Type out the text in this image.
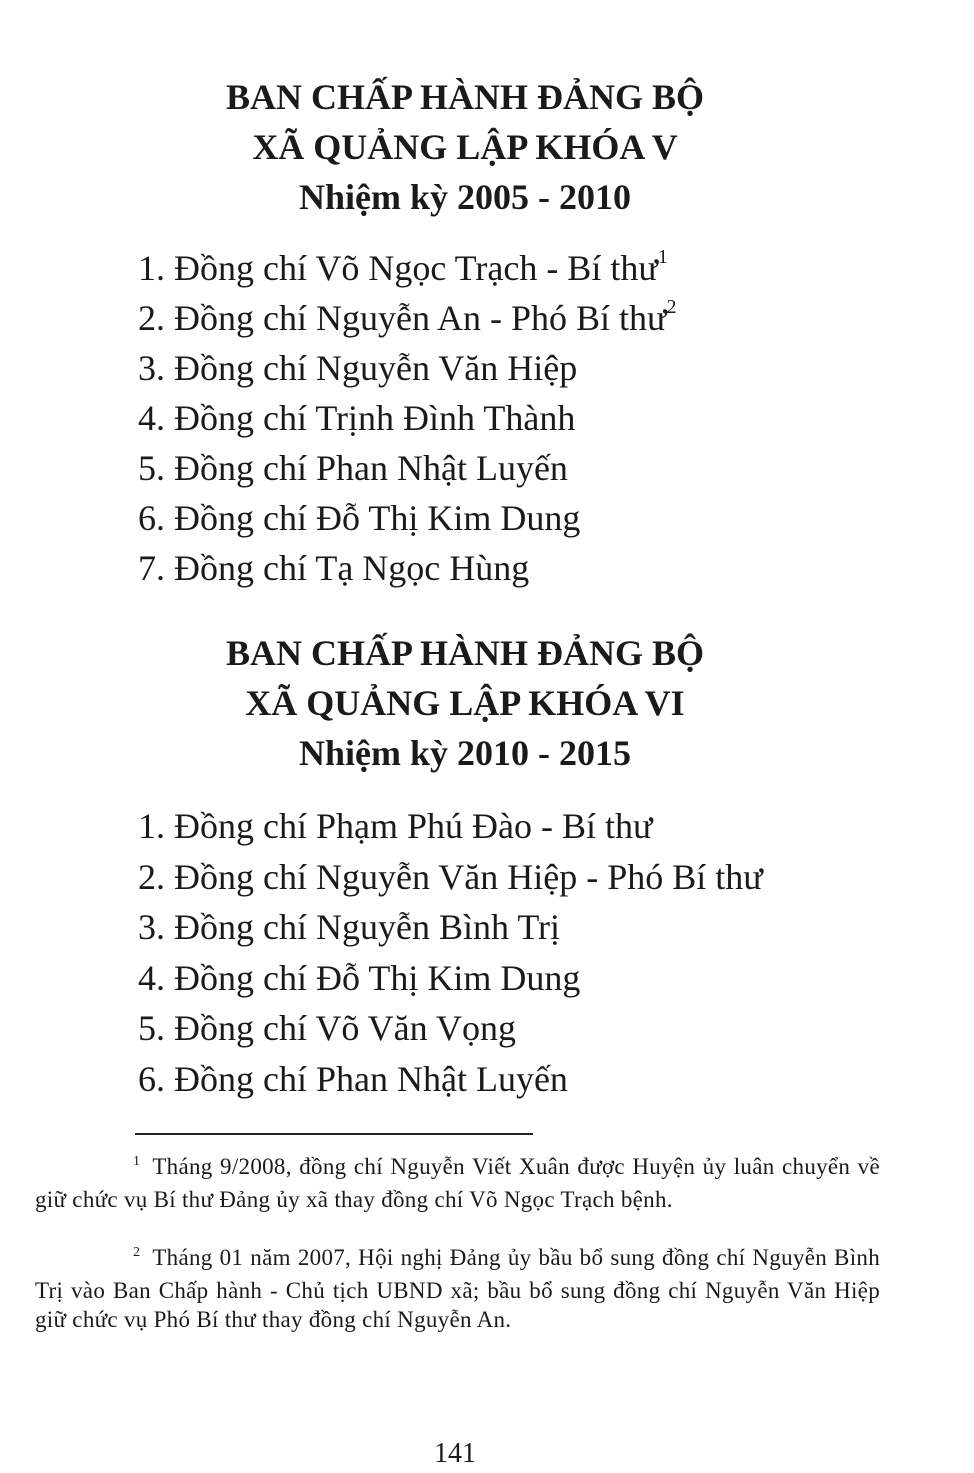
BAN CHẤP HÀNH ĐẢNG BỘ
XÃ QUẢNG LẬP KHÓA V
Nhiệm kỳ 2005 - 2010
1. Đồng chí Võ Ngọc Trạch - Bí thư$^1$
2. Đồng chí Nguyễn An - Phó Bí thư$^2$
3. Đồng chí Nguyễn Văn Hiệp
4. Đồng chí Trịnh Đình Thành
5. Đồng chí Phan Nhật Luyến
6. Đồng chí Đỗ Thị Kim Dung
7. Đồng chí Tạ Ngọc Hùng
BAN CHẤP HÀNH ĐẢNG BỘ
XÃ QUẢNG LẬP KHÓA VI
Nhiệm kỳ 2010 - 2015
1. Đồng chí Phạm Phú Đào - Bí thư
2. Đồng chí Nguyễn Văn Hiệp - Phó Bí thư
3. Đồng chí Nguyễn Bình Trị
4. Đồng chí Đỗ Thị Kim Dung
5. Đồng chí Võ Văn Vọng
6. Đồng chí Phan Nhật Luyến

$^1$ Tháng 9/2008, đồng chí Nguyễn Viết Xuân được Huyện ủy luân chuyển về giữ chức vụ Bí thư Đảng ủy xã thay đồng chí Võ Ngọc Trạch bệnh.

$^2$ Tháng 01 năm 2007, Hội nghị Đảng ủy bầu bổ sung đồng chí Nguyễn Bình Trị vào Ban Chấp hành - Chủ tịch UBND xã; bầu bổ sung đồng chí Nguyễn Văn Hiệp giữ chức vụ Phó Bí thư thay đồng chí Nguyễn An.

141
